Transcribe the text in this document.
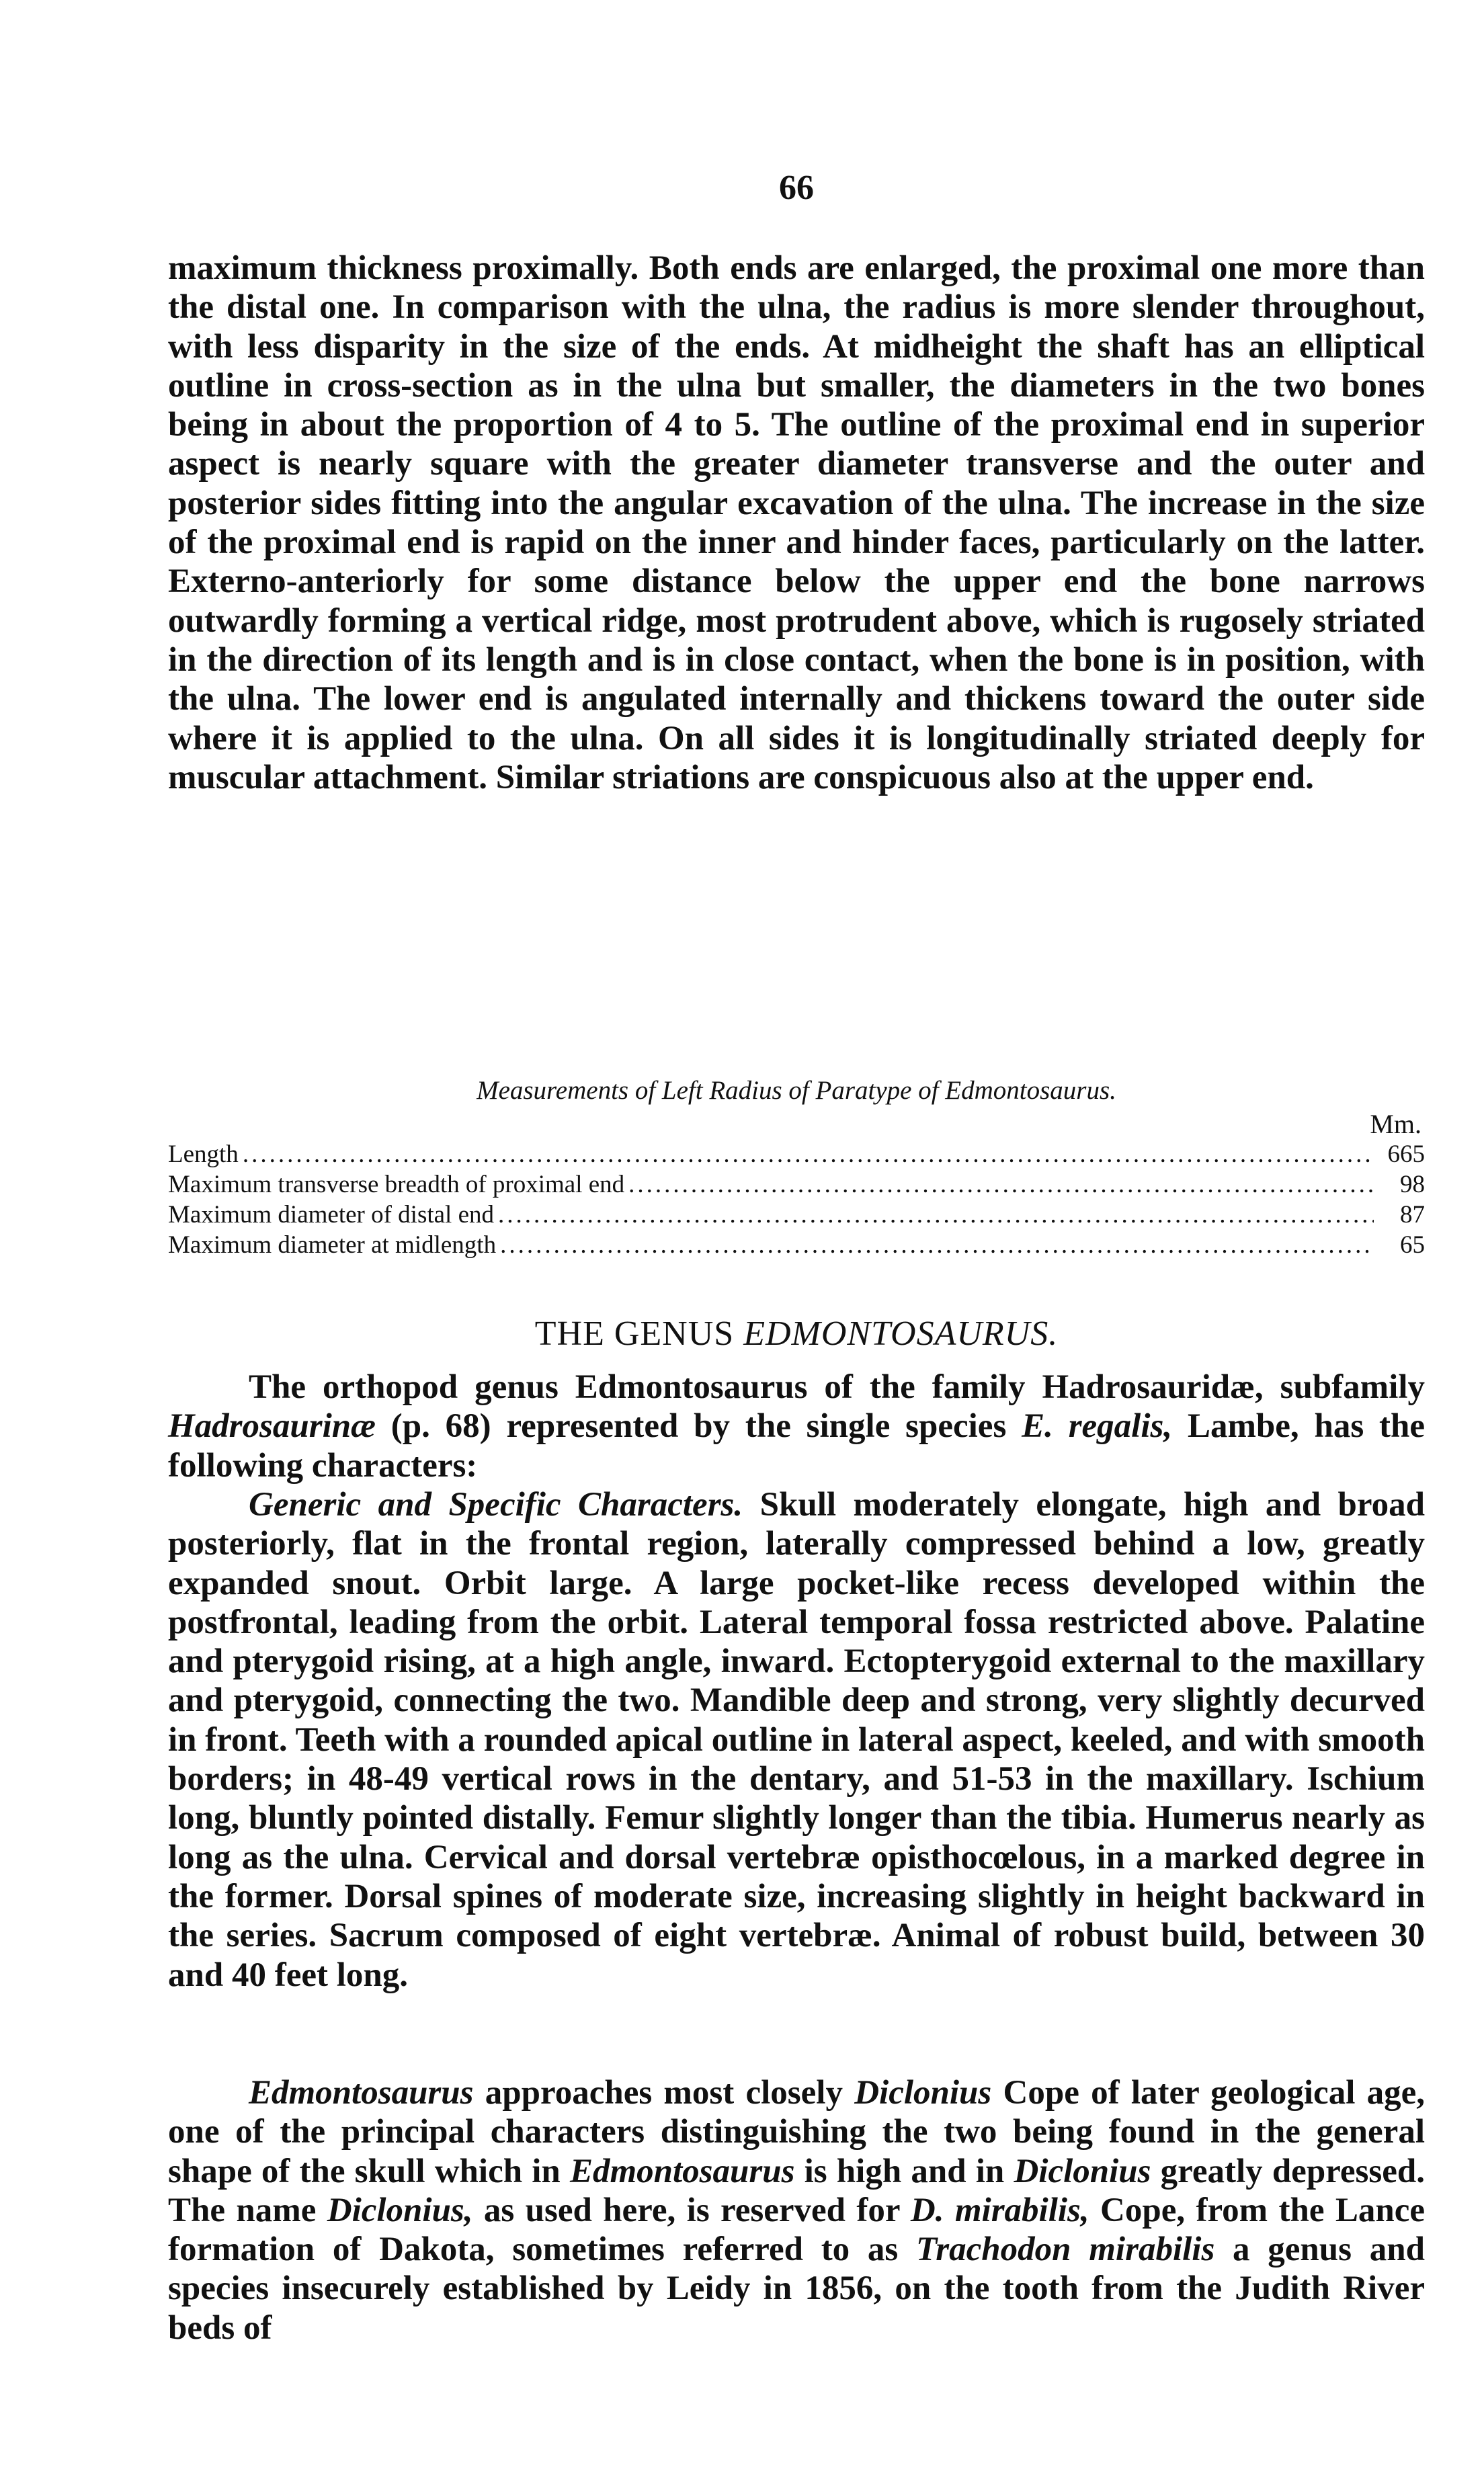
66

maximum thickness proximally. Both ends are enlarged, the proximal one more than the distal one. In comparison with the ulna, the radius is more slender throughout, with less disparity in the size of the ends. At midheight the shaft has an elliptical outline in cross-section as in the ulna but smaller, the diameters in the two bones being in about the proportion of 4 to 5. The outline of the proximal end in superior aspect is nearly square with the greater diameter transverse and the outer and posterior sides fitting into the angular excavation of the ulna. The increase in the size of the proximal end is rapid on the inner and hinder faces, particularly on the latter. Externo-anteriorly for some distance below the upper end the bone narrows outwardly forming a vertical ridge, most protrudent above, which is rugosely striated in the direction of its length and is in close contact, when the bone is in position, with the ulna. The lower end is angulated internally and thickens toward the outer side where it is applied to the ulna. On all sides it is longitudinally striated deeply for muscular attachment. Similar striations are conspicuous also at the upper end.

Measurements of Left Radius of Paratype of Edmontosaurus.
Mm.
Length .....	665
Maximum transverse breadth of proximal end .....	98
Maximum diameter of distal end .....	87
Maximum diameter at midlength .....	65
THE GENUS EDMONTOSAURUS.

The orthopod genus Edmontosaurus of the family Hadrosauridæ, subfamily Hadrosaurinæ (p. 68) represented by the single species E. regalis, Lambe, has the following characters:

Generic and Specific Characters. Skull moderately elongate, high and broad posteriorly, flat in the frontal region, laterally compressed behind a low, greatly expanded snout. Orbit large. A large pocket-like recess developed within the postfrontal, leading from the orbit. Lateral temporal fossa restricted above. Palatine and pterygoid rising, at a high angle, inward. Ectopterygoid external to the maxillary and pterygoid, connecting the two. Mandible deep and strong, very slightly decurved in front. Teeth with a rounded apical outline in lateral aspect, keeled, and with smooth borders; in 48-49 vertical rows in the dentary, and 51-53 in the maxillary. Ischium long, bluntly pointed distally. Femur slightly longer than the tibia. Humerus nearly as long as the ulna. Cervical and dorsal vertebræ opisthocœlous, in a marked degree in the former. Dorsal spines of moderate size, increasing slightly in height backward in the series. Sacrum composed of eight vertebræ. Animal of robust build, between 30 and 40 feet long.

Edmontosaurus approaches most closely Diclonius Cope of later geological age, one of the principal characters distinguishing the two being found in the general shape of the skull which in Edmontosaurus is high and in Diclonius greatly depressed. The name Diclonius, as used here, is reserved for D. mirabilis, Cope, from the Lance formation of Dakota, sometimes referred to as Trachodon mirabilis a genus and species insecurely established by Leidy in 1856, on the tooth from the Judith River beds of
